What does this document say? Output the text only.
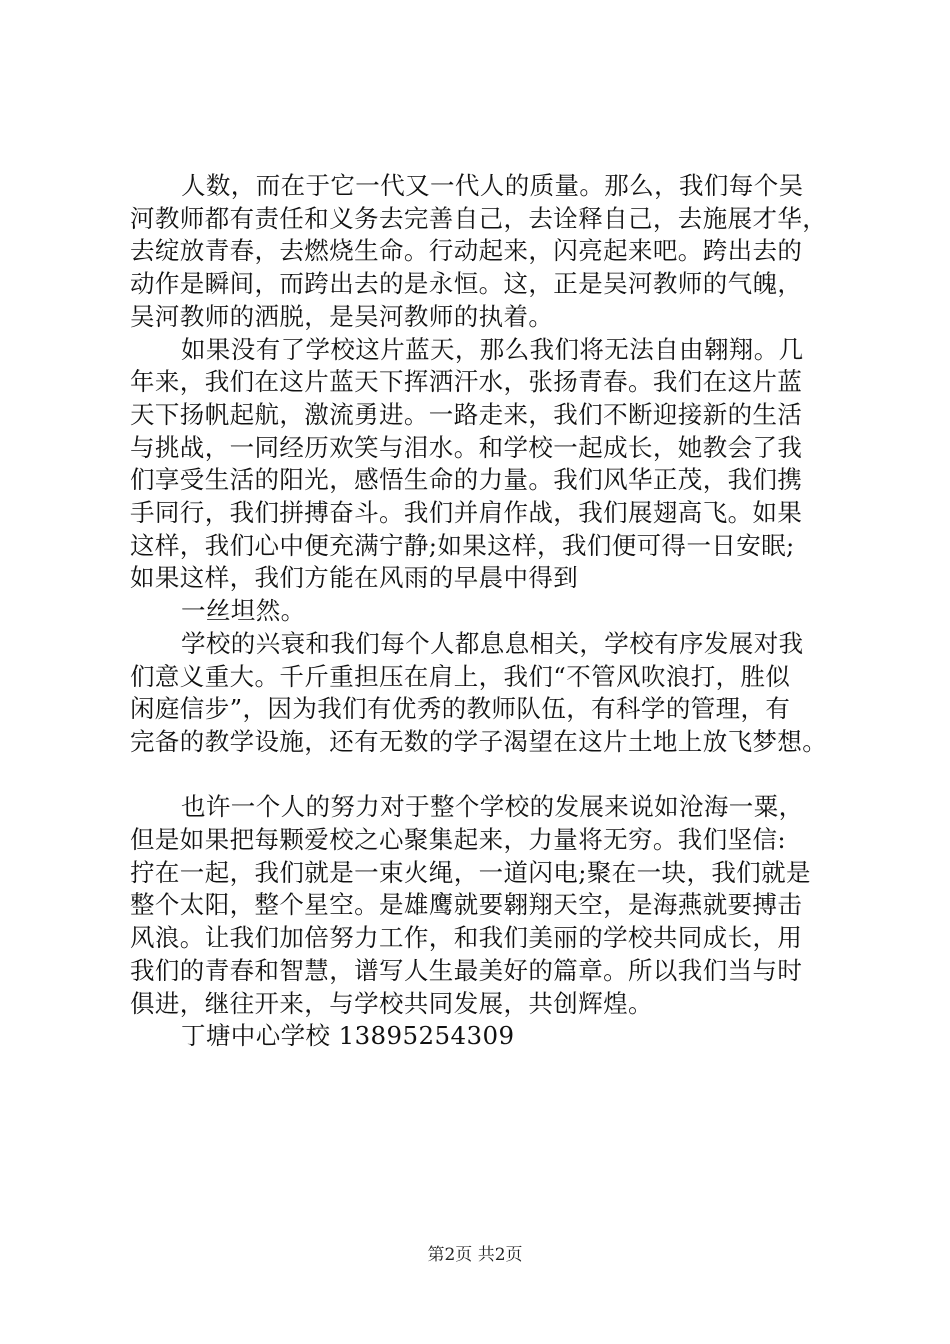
人数，而在于它一代又一代人的质量。那么，我们每个吴
河教师都有责任和义务去完善自己，去诠释自己，去施展才华，
去绽放青春，去燃烧生命。行动起来，闪亮起来吧。跨出去的
动作是瞬间，而跨出去的是永恒。这，正是吴河教师的气魄，
吴河教师的洒脱，是吴河教师的执着。
如果没有了学校这片蓝天，那么我们将无法自由翱翔。几
年来，我们在这片蓝天下挥洒汗水，张扬青春。我们在这片蓝
天下扬帆起航，激流勇进。一路走来，我们不断迎接新的生活
与挑战，一同经历欢笑与泪水。和学校一起成长，她教会了我
们享受生活的阳光，感悟生命的力量。我们风华正茂，我们携
手同行，我们拼搏奋斗。我们并肩作战，我们展翅高飞。如果
这样，我们心中便充满宁静;如果这样，我们便可得一日安眠;
如果这样，我们方能在风雨的早晨中得到
一丝坦然。
学校的兴衰和我们每个人都息息相关，学校有序发展对我
们意义重大。千斤重担压在肩上，我们“不管风吹浪打，胜似
闲庭信步”，因为我们有优秀的教师队伍，有科学的管理，有
完备的教学设施，还有无数的学子渴望在这片土地上放飞梦想。
也许一个人的努力对于整个学校的发展来说如沧海一粟，
但是如果把每颗爱校之心聚集起来，力量将无穷。我们坚信:
拧在一起，我们就是一束火绳，一道闪电;聚在一块，我们就是
整个太阳，整个星空。是雄鹰就要翱翔天空，是海燕就要搏击
风浪。让我们加倍努力工作，和我们美丽的学校共同成长，用
我们的青春和智慧，谱写人生最美好的篇章。所以我们当与时
俱进，继往开来，与学校共同发展，共创辉煌。
丁塘中心学校 13895254309
第2页 共2页
